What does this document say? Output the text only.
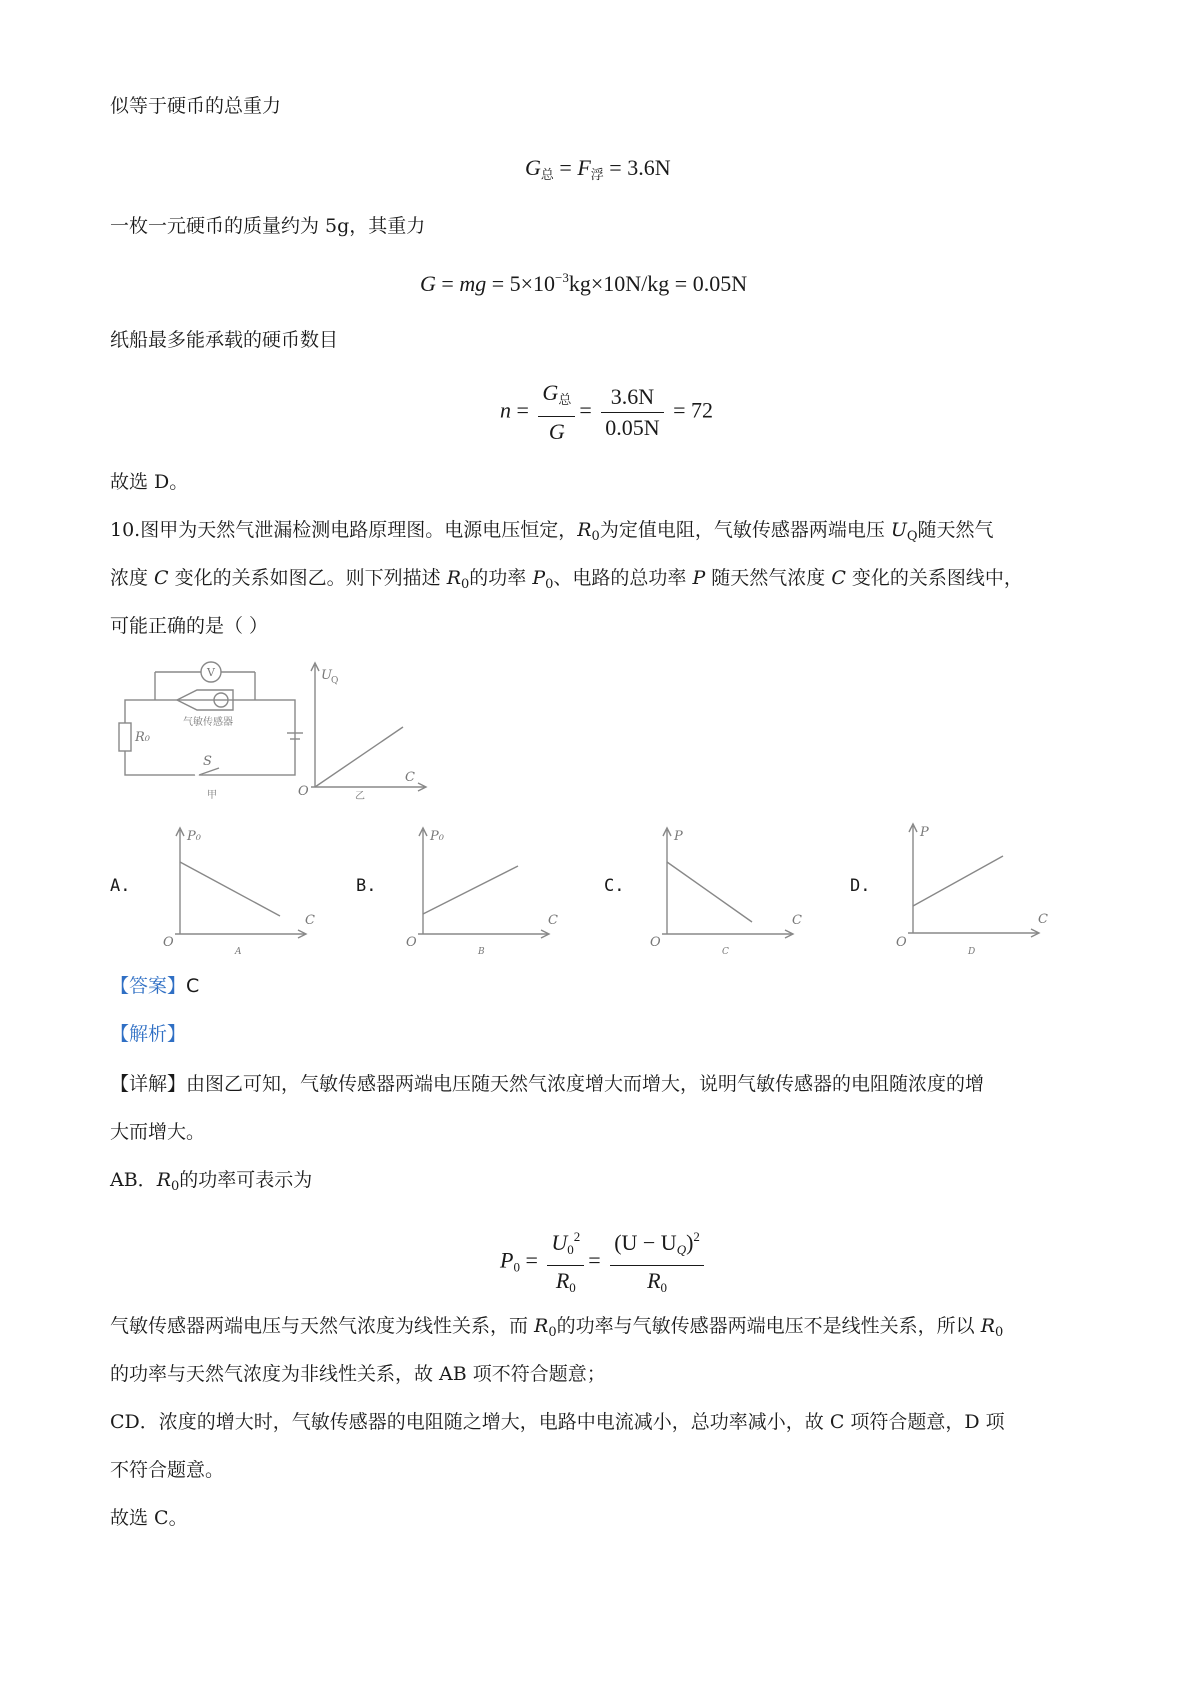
似等于硬币的总重力
$G_总 = F_浮 = 3.6N$
一枚一元硬币的质量约为 5g，其重力
G = mg = $5\times 10^{-3}kg\times 10N/kg = 0.05N$
纸船最多能承载的硬币数目
$n = \frac{G_总}{G} = \frac{3.6N}{0.05N} = 72$
故选 D。
10.图甲为天然气泄漏检测电路原理图。电源电压恒定，$R_0$为定值电阻，气敏传感器两端电压 $U_Q$随天然气
浓度 C 变化的关系如图乙。则下列描述 $R_0$的功率 $P_0$、电路的总功率 P 随天然气浓度 C 变化的关系图线中，
可能正确的是（ ）
V
气敏传感器
R₀
S
甲
U Q
C
O	乙
A.	B.	C.	D.
P₀
C
O
A
P₀
C
O
B
P
C
O
C
P
C
O
D
【答案】C
【解析】
【详解】由图乙可知，气敏传感器两端电压随天然气浓度增大而增大，说明气敏传感器的电阻随浓度的增
大而增大。
AB．$R_0$的功率可表示为
$P_0 = \frac{U_0^2}{R_0} = \frac{(U - U_Q)^2}{R_0}$
气敏传感器两端电压与天然气浓度为线性关系，而 $R_0$的功率与气敏传感器两端电压不是线性关系，所以 $R_0$
的功率与天然气浓度为非线性关系，故 AB 项不符合题意；
CD．浓度的增大时，气敏传感器的电阻随之增大，电路中电流减小，总功率减小，故 C 项符合题意，D 项
不符合题意。
故选 C。
